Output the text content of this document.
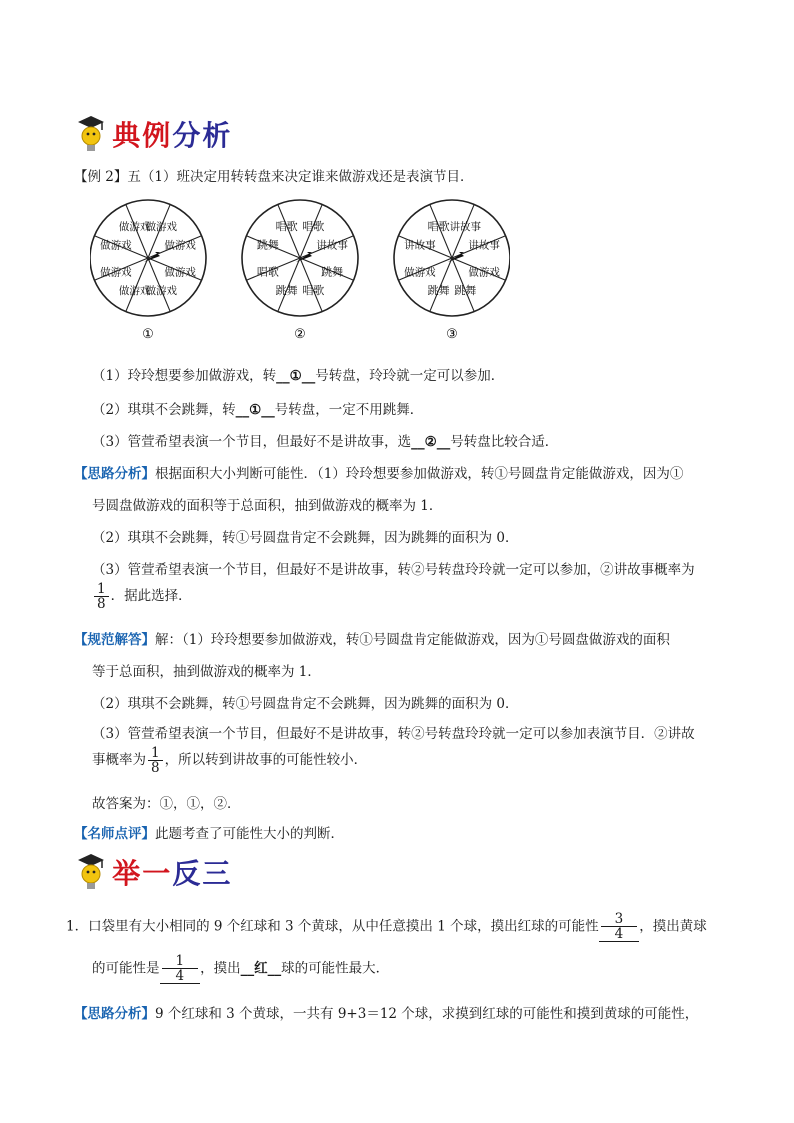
典例分析
【例 2】五（1）班决定用转转盘来决定谁来做游戏还是表演节目．
做游戏
做游戏
做游戏
做游戏
做游戏
做游戏
做游戏
做游戏
①
唱歌
讲故事
跳舞
唱歌
跳舞
唱歌
跳舞
唱歌
②
讲故事
讲故事
做游戏
跳舞
跳舞
做游戏
讲故事
唱歌
③
（1）玲玲想要参加做游戏，转__①__号转盘，玲玲就一定可以参加．
（2）琪琪不会跳舞，转__①__号转盘，一定不用跳舞．
（3）管萱希望表演一个节目，但最好不是讲故事，选__②__号转盘比较合适．
【思路分析】根据面积大小判断可能性．（1）玲玲想要参加做游戏，转①号圆盘肯定能做游戏，因为①
号圆盘做游戏的面积等于总面积，抽到做游戏的概率为 1．
（2）琪琪不会跳舞，转①号圆盘肯定不会跳舞，因为跳舞的面积为 0．
（3）管萱希望表演一个节目，但最好不是讲故事，转②号转盘玲玲就一定可以参加，②讲故事概率为
$\frac{1}{8}$ ．据此选择．
【规范解答】解：（1）玲玲想要参加做游戏，转①号圆盘肯定能做游戏，因为①号圆盘做游戏的面积
等于总面积，抽到做游戏的概率为 1．
（2）琪琪不会跳舞，转①号圆盘肯定不会跳舞，因为跳舞的面积为 0．
（3）管萱希望表演一个节目，但最好不是讲故事，转②号转盘玲玲就一定可以参加表演节目．②讲故
事概率为 $\frac{1}{8}$ ，所以转到讲故事的可能性较小．
故答案为：①，①，②．
【名师点评】此题考查了可能性大小的判断．
举一反三
1．口袋里有大小相同的 9 个红球和 3 个黄球，从中任意摸出 1 个球，摸出红球的可能性 $\frac{3}{4}$ ，摸出黄球
的可能性是 $\frac{1}{4}$ ，摸出__红__球的可能性最大．
【思路分析】9 个红球和 3 个黄球，一共有 9+3＝12 个球，求摸到红球的可能性和摸到黄球的可能性，
